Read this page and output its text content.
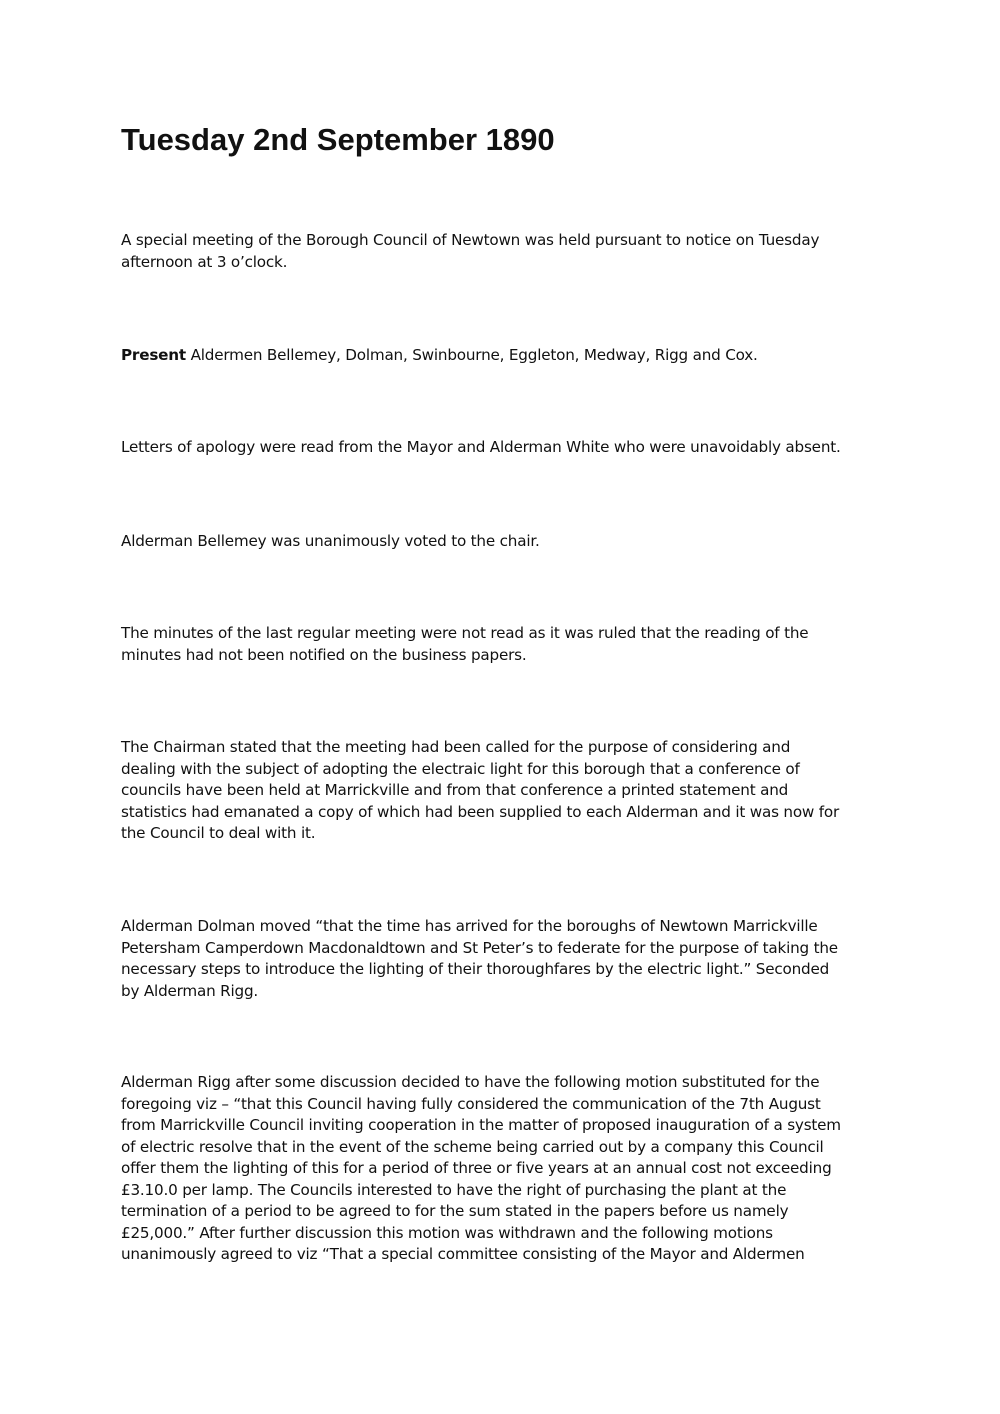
Tuesday 2nd September 1890

A special meeting of the Borough Council of Newtown was held pursuant to notice on Tuesday
afternoon at 3 o’clock.

Present Aldermen Bellemey, Dolman, Swinbourne, Eggleton, Medway, Rigg and Cox.

Letters of apology were read from the Mayor and Alderman White who were unavoidably absent.

Alderman Bellemey was unanimously voted to the chair.

The minutes of the last regular meeting were not read as it was ruled that the reading of the
minutes had not been notified on the business papers.

The Chairman stated that the meeting had been called for the purpose of considering and
dealing with the subject of adopting the electraic light for this borough that a conference of
councils have been held at Marrickville and from that conference a printed statement and
statistics had emanated a copy of which had been supplied to each Alderman and it was now for
the Council to deal with it.

Alderman Dolman moved “that the time has arrived for the boroughs of Newtown Marrickville
Petersham Camperdown Macdonaldtown and St Peter’s to federate for the purpose of taking the
necessary steps to introduce the lighting of their thoroughfares by the electric light.” Seconded
by Alderman Rigg.

Alderman Rigg after some discussion decided to have the following motion substituted for the
foregoing viz – “that this Council having fully considered the communication of the 7th August
from Marrickville Council inviting cooperation in the matter of proposed inauguration of a system
of electric resolve that in the event of the scheme being carried out by a company this Council
offer them the lighting of this for a period of three or five years at an annual cost not exceeding
£3.10.0 per lamp. The Councils interested to have the right of purchasing the plant at the
termination of a period to be agreed to for the sum stated in the papers before us namely
£25,000.” After further discussion this motion was withdrawn and the following motions
unanimously agreed to viz “That a special committee consisting of the Mayor and Aldermen
